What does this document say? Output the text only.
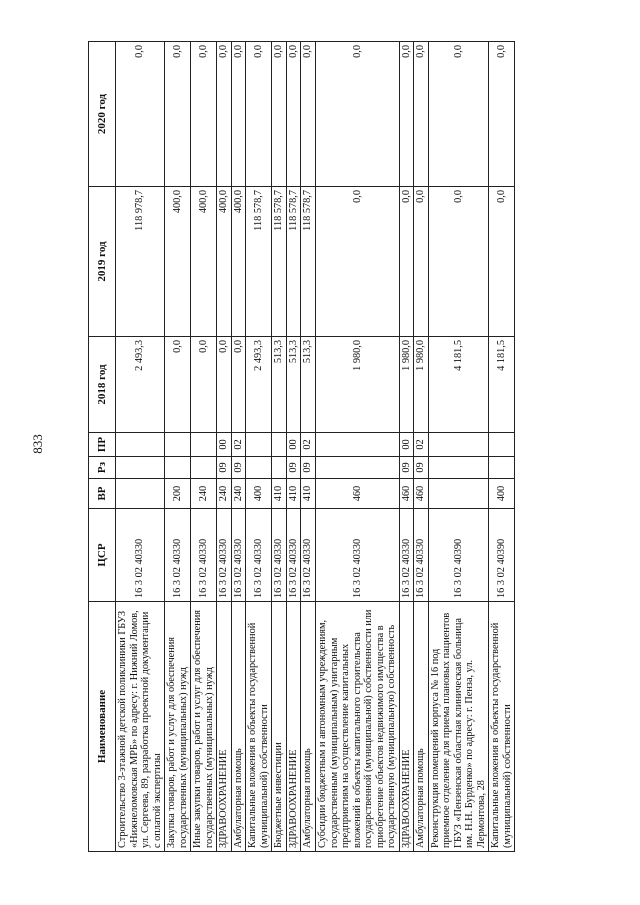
833
Наименование	ЦСР	ВР	Рз	ПР	2018 год	2019 год	2020 год
Строительство 3-этажной детской поликлиники ГБУЗ «Нижнеломовская МРБ» по адресу: г. Нижний Ломов, ул. Сергеева, 89, разработка проектной документации с оплатой экспертизы	16 3 02 40330				2 493,3	118 978,7	0,0
Закупка товаров, работ и услуг для обеспечения государственных (муниципальных) нужд	16 3 02 40330	200			0,0	400,0	0,0
Иные закупки товаров, работ и услуг для обеспечения государственных (муниципальных) нужд	16 3 02 40330	240			0,0	400,0	0,0
ЗДРАВООХРАНЕНИЕ	16 3 02 40330	240	09	00	0,0	400,0	0,0
Амбулаторная помощь	16 3 02 40330	240	09	02	0,0	400,0	0,0
Капитальные вложения в объекты государственной (муниципальной) собственности	16 3 02 40330	400			2 493,3	118 578,7	0,0
Бюджетные инвестиции	16 3 02 40330	410			513,3	118 578,7	0,0
ЗДРАВООХРАНЕНИЕ	16 3 02 40330	410	09	00	513,3	118 578,7	0,0
Амбулаторная помощь	16 3 02 40330	410	09	02	513,3	118 578,7	0,0
Субсидии бюджетным и автономным учреждениям, государственным (муниципальным) унитарным предприятиям на осуществление капитальных вложений в объекты капитального строительства государственной (муниципальной) собственности или приобретение объектов недвижимого имущества в государственную (муниципальную) собственность	16 3 02 40330	460			1 980,0	0,0	0,0
ЗДРАВООХРАНЕНИЕ	16 3 02 40330	460	09	00	1 980,0	0,0	0,0
Амбулаторная помощь	16 3 02 40330	460	09	02	1 980,0	0,0	0,0
Реконструкция помещений корпуса № 16 под приемное отделение для приема плановых пациентов ГБУЗ «Пензенская областная клиническая больница им. Н.Н. Бурденко» по адресу: г. Пенза, ул. Лермонтова, 28	16 3 02 40390				4 181,5	0,0	0,0
Капитальные вложения в объекты государственной (муниципальной) собственности	16 3 02 40390	400			4 181,5	0,0	0,0
